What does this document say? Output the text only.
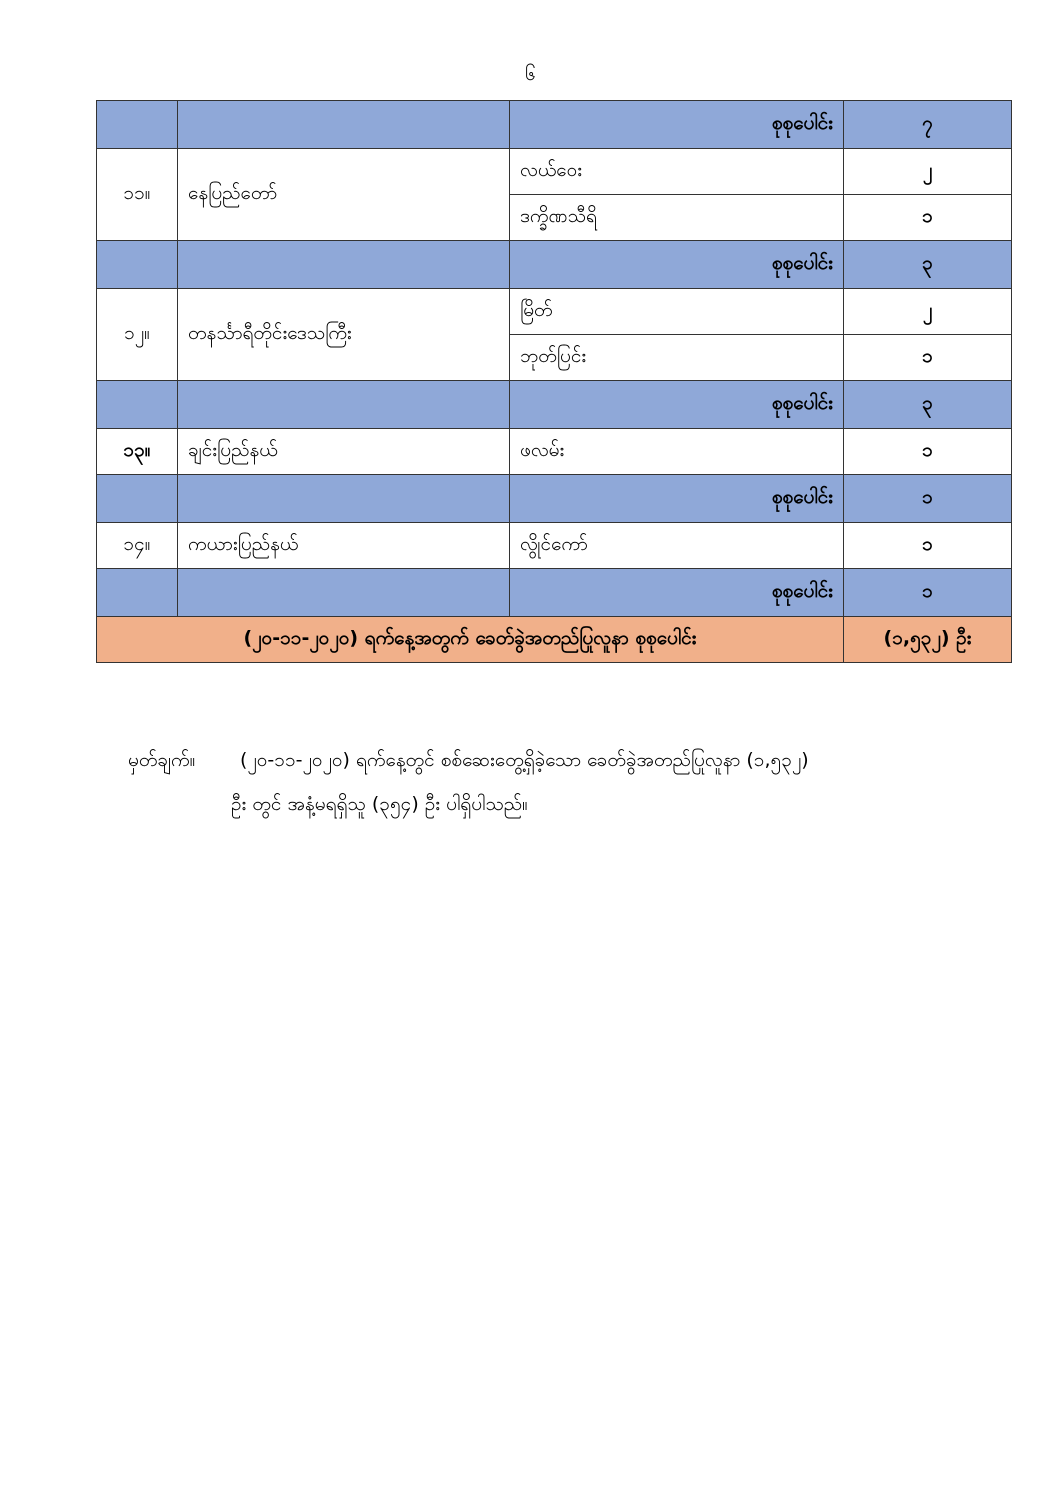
၆
		စုစုပေါင်း	၇
၁၁။	နေပြည်တော်	လယ်ဝေး	၂
		ဒက္ခိဏသီရိ	၁
		စုစုပေါင်း	၃
၁၂။	တနင်္သာရီတိုင်းဒေသကြီး	မြိတ်	၂
		ဘုတ်ပြင်း	၁
		စုစုပေါင်း	၃
၁၃။	ချင်းပြည်နယ်	ဖလမ်း	၁
		စုစုပေါင်း	၁
၁၄။	ကယားပြည်နယ်	လွိုင်ကော်	၁
		စုစုပေါင်း	၁
(၂၀-၁၁-၂၀၂၀) ရက်နေ့အတွက် ခေတ်ခွဲအတည်ပြုလူနာ စုစုပေါင်း			(၁,၅၃၂) ဦး
မှတ်ချက်။ (၂၀-၁၁-၂၀၂၀) ရက်နေ့တွင် စစ်ဆေးတွေ့ရှိခဲ့သော ခေတ်ခွဲအတည်ပြုလူနာ (၁,၅၃၂)
ဦး တွင် အနံ့မရရှိသူ (၃၅၄) ဦး ပါရှိပါသည်။
